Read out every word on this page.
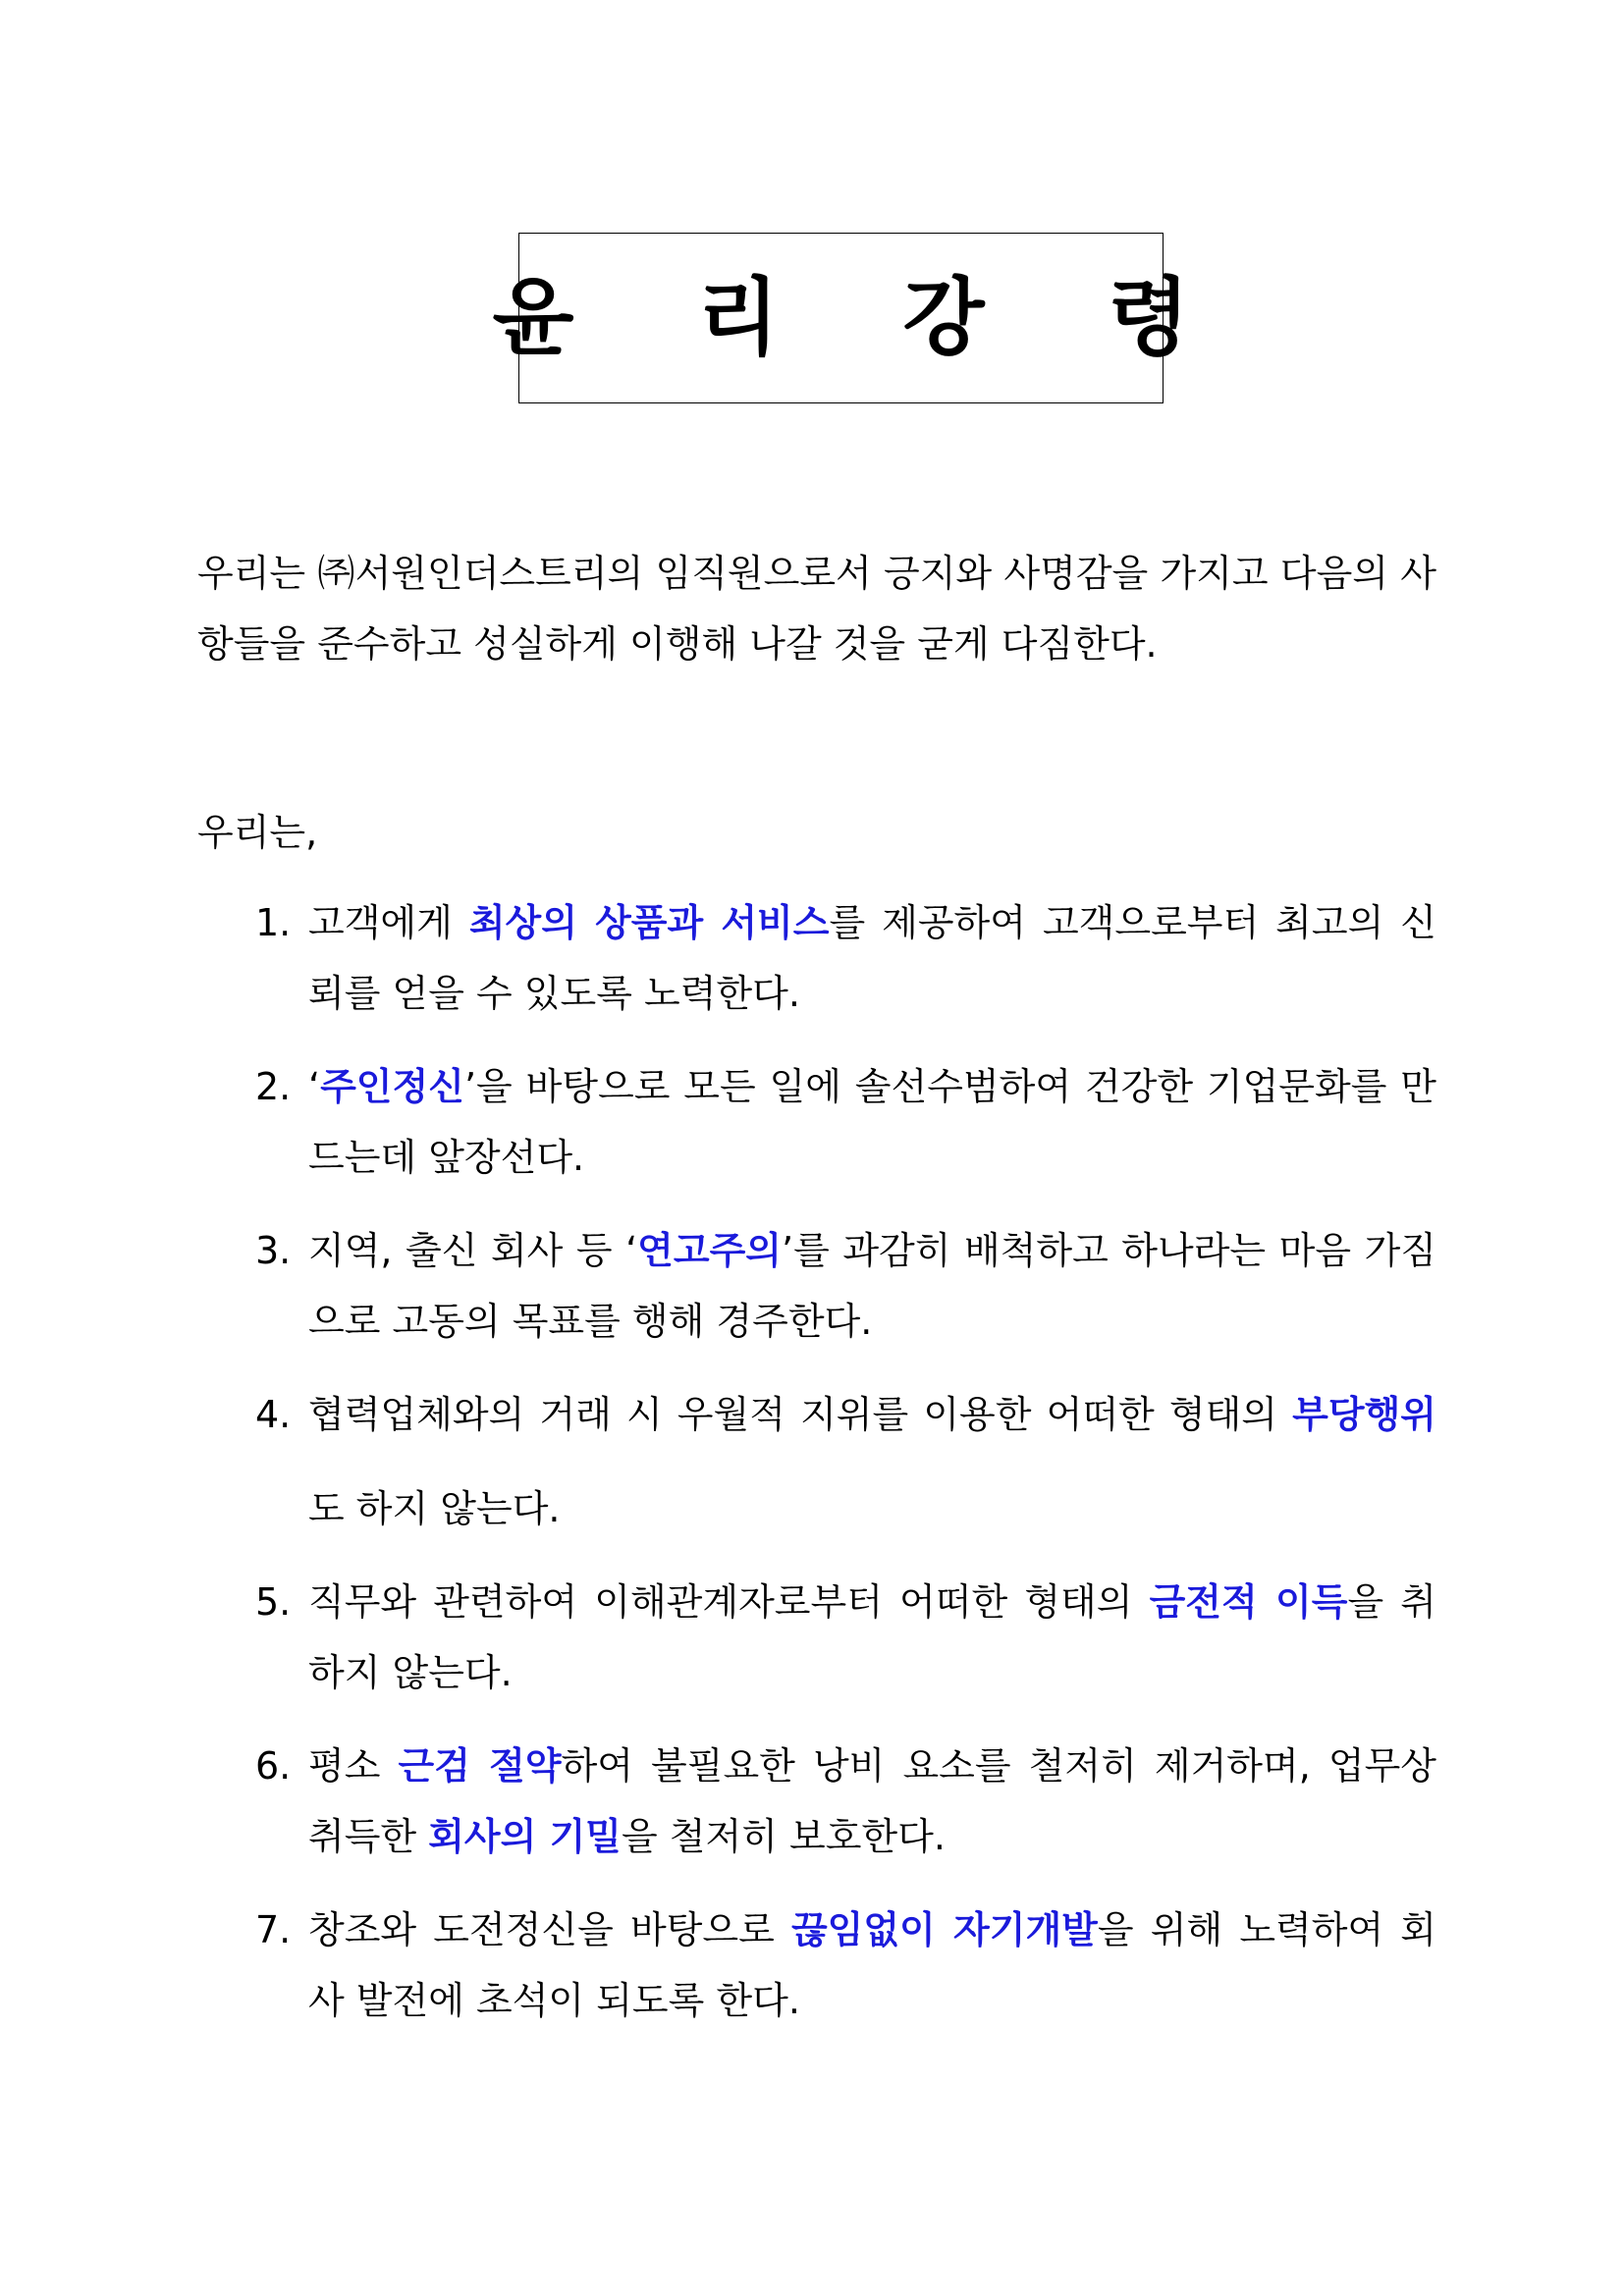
윤 리 강 령

우리는 ㈜서원인더스트리의 임직원으로서 긍지와 사명감을 가지고 다음의 사항들을 준수하고 성실하게 이행해 나갈 것을 굳게 다짐한다.

우리는,

1. 고객에게 최상의 상품과 서비스를 제공하여 고객으로부터 최고의 신뢰를 얻을 수 있도록 노력한다.
2. ‘주인정신’을 바탕으로 모든 일에 솔선수범하여 건강한 기업문화를 만드는데 앞장선다.
3. 지역, 출신 회사 등 ‘연고주의’를 과감히 배척하고 하나라는 마음 가짐으로 고동의 목표를 행해 경주한다.
4. 협력업체와의 거래 시 우월적 지위를 이용한 어떠한 형태의 부당행위도 하지 않는다.
5. 직무와 관련하여 이해관계자로부터 어떠한 형태의 금전적 이득을 취하지 않는다.
6. 평소 근검 절약하여 불필요한 낭비 요소를 철저히 제거하며, 업무상 취득한 회사의 기밀을 철저히 보호한다.
7. 창조와 도전정신을 바탕으로 끊임없이 자기개발을 위해 노력하여 회사 발전에 초석이 되도록 한다.
